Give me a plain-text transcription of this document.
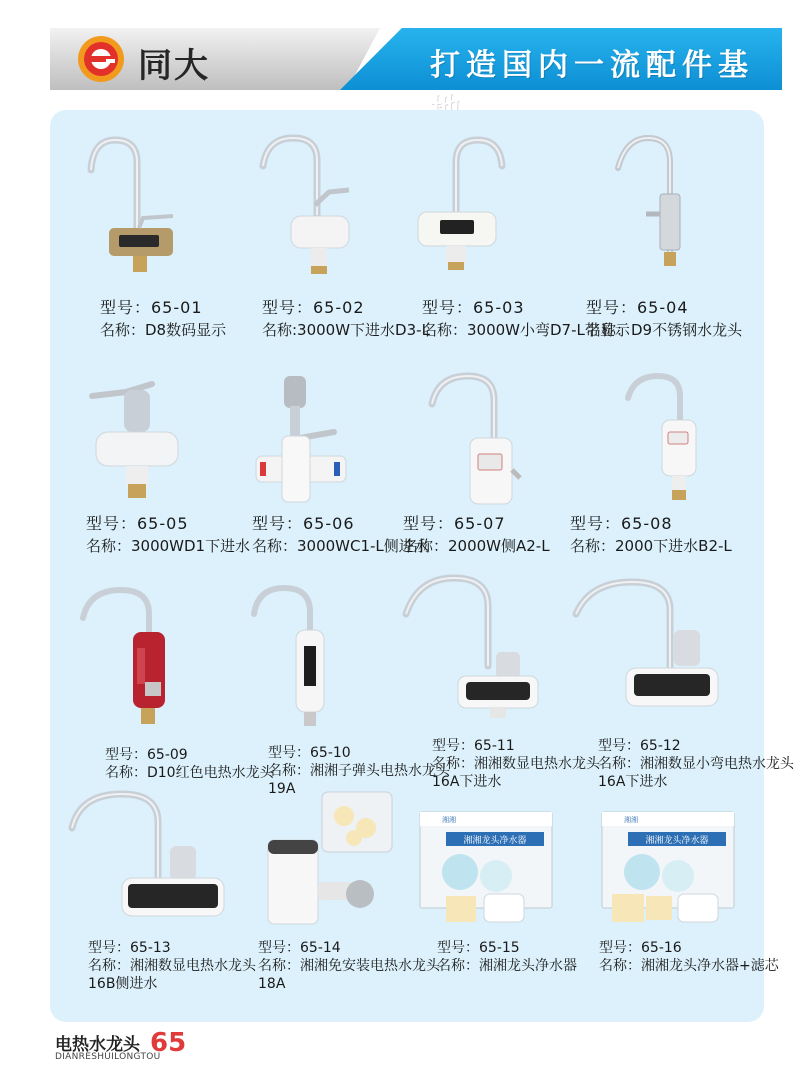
同大	打造国内一流配件基
型号：65-01
名称：D8数码显示
型号：65-02
名称:3000W下进水D3-L
型号：65-03
名称：3000W小弯D7-L带显示
型号：65-04
名称：D9不锈钢水龙头
型号：65-05
名称：3000WD1下进水
型号：65-06
名称：3000WC1-L侧进水
型号：65-07
名称：2000W侧A2-L
型号：65-08
名称：2000下进水B2-L
型号：65-09
名称：D10红色电热水龙头
型号：65-10
名称：湘湘子弹头电热水龙头
19A
型号：65-11
名称：湘湘数显电热水龙头
16A下进水
型号：65-12
名称：湘湘数显小弯电热水龙头
16A下进水
型号：65-13
名称：湘湘数显电热水龙头
16B侧进水
型号：65-14
名称：湘湘免安装电热水龙头
18A
湘湘龙头净水器
湘湘
型号：65-15
名称：湘湘龙头净水器
湘湘龙头净水器
湘湘
型号：65-16
名称：湘湘龙头净水器+滤芯
电热水龙头
DIANRESHUILONGTOU
65
